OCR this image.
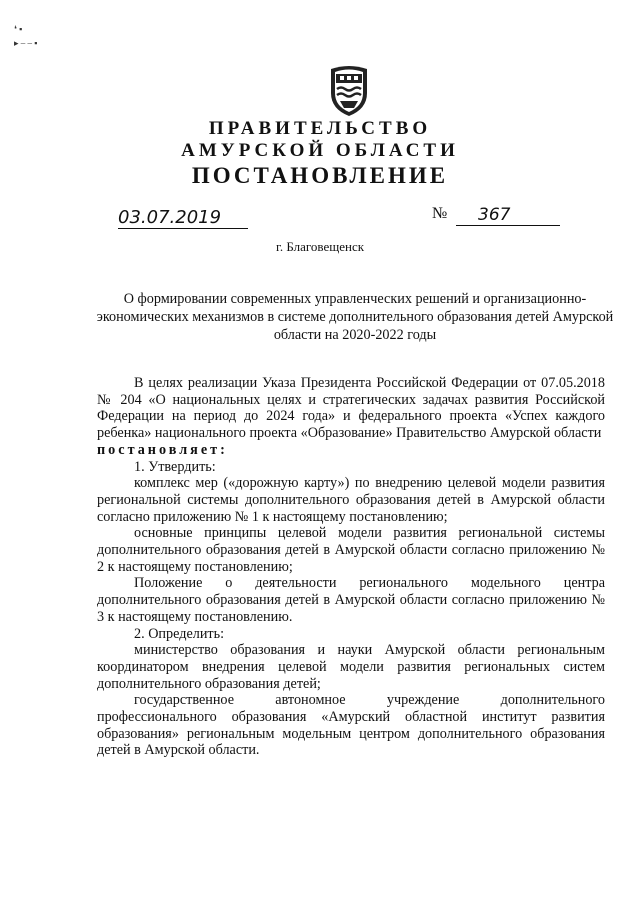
❛ ▪
▸ ‒ ‒ ▪
ПРАВИТЕЛЬСТВО
АМУРСКОЙ ОБЛАСТИ
ПОСТАНОВЛЕНИЕ
03.07.2019	№	367
г. Благовещенск
О формировании современных управленческих решений и организационно-экономических механизмов в системе дополнительного образования детей Амурской области на 2020-2022 годы

В целях реализации Указа Президента Российской Федерации от 07.05.2018 № 204 «О национальных целях и стратегических задачах развития Российской Федерации на период до 2024 года» и федерального проекта «Успех каждого ребенка» национального проекта «Образование» Правительство Амурской области

постановляет:

1. Утвердить:

комплекс мер («дорожную карту») по внедрению целевой модели развития региональной системы дополнительного образования детей в Амурской области согласно приложению № 1 к настоящему постановлению;

основные принципы целевой модели развития региональной системы дополнительного образования детей в Амурской области согласно приложению № 2 к настоящему постановлению;

Положение о деятельности регионального модельного центра дополнительного образования детей в Амурской области согласно приложению № 3 к настоящему постановлению.

2. Определить:

министерство образования и науки Амурской области региональным координатором внедрения целевой модели развития региональных систем дополнительного образования детей;

государственное автономное учреждение дополнительного профессионального образования «Амурский областной институт развития образования» региональным модельным центром дополнительного образования детей в Амурской области.
